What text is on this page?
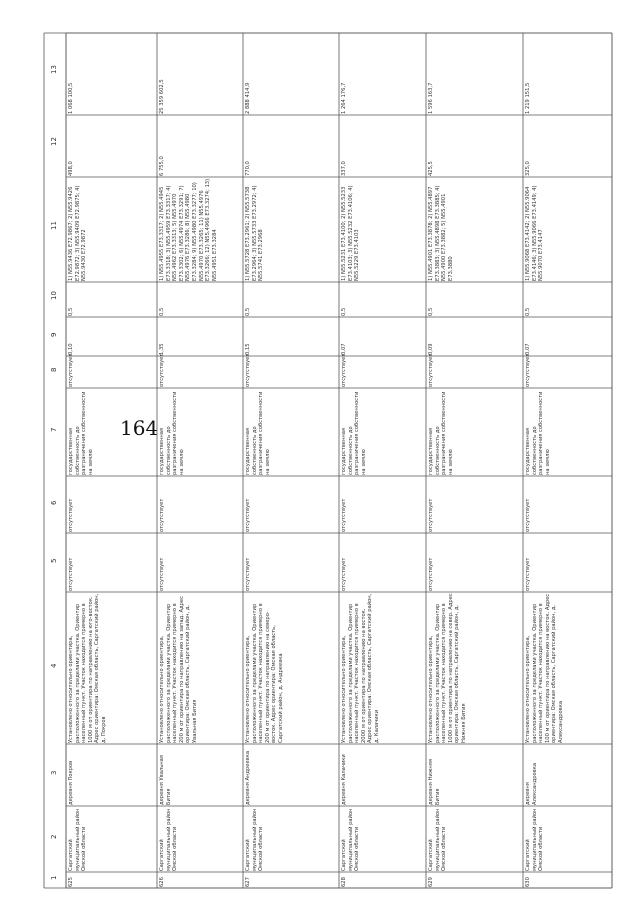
164
1
2
3
4
5
6
7
8
9
10
11
12
13
625
Саргатский муниципальный район Омской области
деревня Покров
Установлено относительно ориентира, расположенного за пределами участка. Ориентир населенный пункт. Участок находится примерно в 1000 м от ориентира по направлению на юго-восток. Адрес ориентира: Омская область, Саргатский район, д. Покров
отсутствует
отсутствует
государственная собственность до разграничения собственности на землю
отсутствует
0,10
0,5
1) N55.9436 E72.9867; 2) N55.9426 E72.9872; 3) N55.9409 E72.9875; 4) N55.9430 E72.9872
498,0
1 068 100,5
626
Саргатский муниципальный район Омской области
деревня Увальная Бития
Установлено относительно ориентира, расположенного за пределами участка. Ориентир населенный пункт. Участок находится примерно в 200 м от ориентира по направлению на запад. Адрес ориентира: Омская область, Саргатский район, д. Увальная Бития
отсутствует
отсутствует
государственная собственность до разграничения собственности на землю
отсутствует
1,35
0,5
1) N55.4955 E73.3317; 2) N55.4945 E73.3318; 3) N55.4959 E73.3317; 4) N55.4962 E73.3313; 5) N55.4970 E73.3302; 6) N55.4974 E73.3291; 7) N55.4976 E73.3286; 8) N55.4980 E73.3284; 9) N55.4980 E73.3277; 10) N55.4970 E73.3265; 11) N55.4976 E73.3266; 12) N55.4966 E73.3274; 13) N55.4951 E73.3284
6 755,0
25 359 602,5
627
Саргатский муниципальный район Омской области
деревня Андреевка
Установлено относительно ориентира, расположенного за пределами участка. Ориентир населенный пункт. Участок находится примерно в 200 м от ориентира по направлению на северо-восток. Адрес ориентира: Омская область, Саргатский район, д. Андреевка
отсутствует
отсутствует
государственная собственность до разграничения собственности на землю
отсутствует
0,15
0,5
1) N55.5728 E73.2961; 2) N55.5738 E73.2964; 3) N55.5733 E73.2972; 4) N55.5741 E73.2968
770,0
2 888 414,9
628
Саргатский муниципальный район Омской области
деревня Калачики
Установлено относительно ориентира, расположенного за пределами участка. Ориентир населенный пункт. Участок находится примерно в 2000 м от ориентира по направлению на восток. Адрес ориентира: Омская область, Саргатский район, д. Калачики
отсутствует
отсутствует
государственная собственность до разграничения собственности на землю
отсутствует
0,07
0,5
1) N55.5231 E73.4100; 2) N55.5233 E73.4103; 3) N55.5232 E73.4106; 4) N55.5229 E73.4103
337,0
1 264 176,7
629
Саргатский муниципальный район Омской области
деревня Нижняя Бития
Установлено относительно ориентира, расположенного за пределами участка. Ориентир населенный пункт. Участок находится примерно в 1000 м от ориентира по направлению на север. Адрес ориентира: Омская область, Саргатский район, д. Нижняя Бития
отсутствует
отсутствует
государственная собственность до разграничения собственности на землю
отсутствует
0,09
0,5
1) N55.4901 E73.3878; 2) N55.4897 E73.3883; 3) N55.4898 E73.3885; 4) N55.4900 E73.3882; 5) N55.4901 E73.3880
425,5
1 596 163,7
630
Саргатский муниципальный район Омской области
деревня Александровка
Установлено относительно ориентира, расположенного за пределами участка. Ориентир населенный пункт. Участок находится примерно в 100 м от ориентира по направлению на восток. Адрес ориентира: Омская область, Саргатский район, д. Александровка
отсутствует
отсутствует
государственная собственность до разграничения собственности на землю
отсутствует
0,07
0,5
1) N55.9068 E73.4142; 2) N55.9064 E73.4146; 3) N55.9066 E73.4149; 4) N55.9070 E73.4147
325,0
1 219 151,5
